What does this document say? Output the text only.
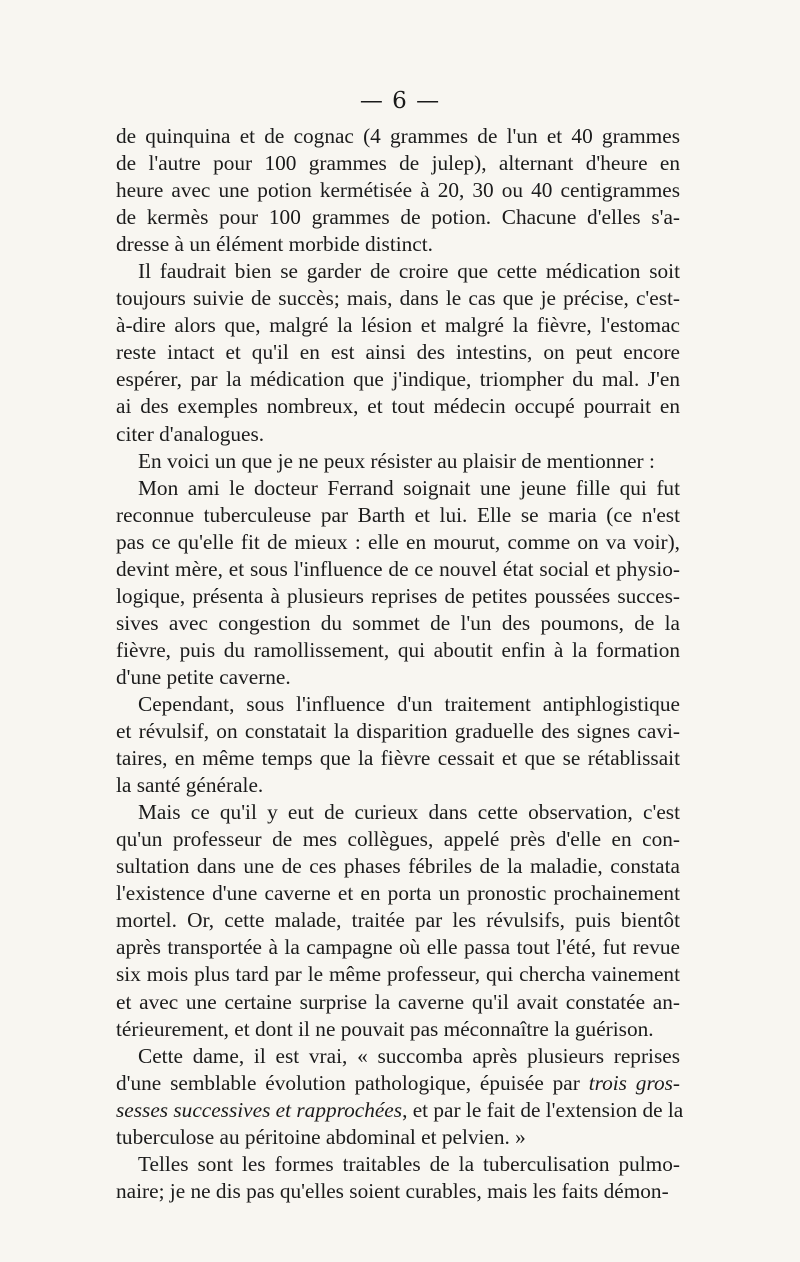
— 6 —
de quinquina et de cognac (4 grammes de l'un et 40 grammes
de l'autre pour 100 grammes de julep), alternant d'heure en
heure avec une potion kermétisée à 20, 30 ou 40 centigrammes
de kermès pour 100 grammes de potion. Chacune d'elles s'a-
dresse à un élément morbide distinct.
Il faudrait bien se garder de croire que cette médication soit
toujours suivie de succès; mais, dans le cas que je précise, c'est-
à-dire alors que, malgré la lésion et malgré la fièvre, l'estomac
reste intact et qu'il en est ainsi des intestins, on peut encore
espérer, par la médication que j'indique, triompher du mal. J'en
ai des exemples nombreux, et tout médecin occupé pourrait en
citer d'analogues.
En voici un que je ne peux résister au plaisir de mentionner :
Mon ami le docteur Ferrand soignait une jeune fille qui fut
reconnue tuberculeuse par Barth et lui. Elle se maria (ce n'est
pas ce qu'elle fit de mieux : elle en mourut, comme on va voir),
devint mère, et sous l'influence de ce nouvel état social et physio-
logique, présenta à plusieurs reprises de petites poussées succes-
sives avec congestion du sommet de l'un des poumons, de la
fièvre, puis du ramollissement, qui aboutit enfin à la formation
d'une petite caverne.
Cependant, sous l'influence d'un traitement antiphlogistique
et révulsif, on constatait la disparition graduelle des signes cavi-
taires, en même temps que la fièvre cessait et que se rétablissait
la santé générale.
Mais ce qu'il y eut de curieux dans cette observation, c'est
qu'un professeur de mes collègues, appelé près d'elle en con-
sultation dans une de ces phases fébriles de la maladie, constata
l'existence d'une caverne et en porta un pronostic prochainement
mortel. Or, cette malade, traitée par les révulsifs, puis bientôt
après transportée à la campagne où elle passa tout l'été, fut revue
six mois plus tard par le même professeur, qui chercha vainement
et avec une certaine surprise la caverne qu'il avait constatée an-
térieurement, et dont il ne pouvait pas méconnaître la guérison.
Cette dame, il est vrai, « succomba après plusieurs reprises
d'une semblable évolution pathologique, épuisée par trois gros-
sesses successives et rapprochées, et par le fait de l'extension de la
tuberculose au péritoine abdominal et pelvien. »
Telles sont les formes traitables de la tuberculisation pulmo-
naire; je ne dis pas qu'elles soient curables, mais les faits démon-
